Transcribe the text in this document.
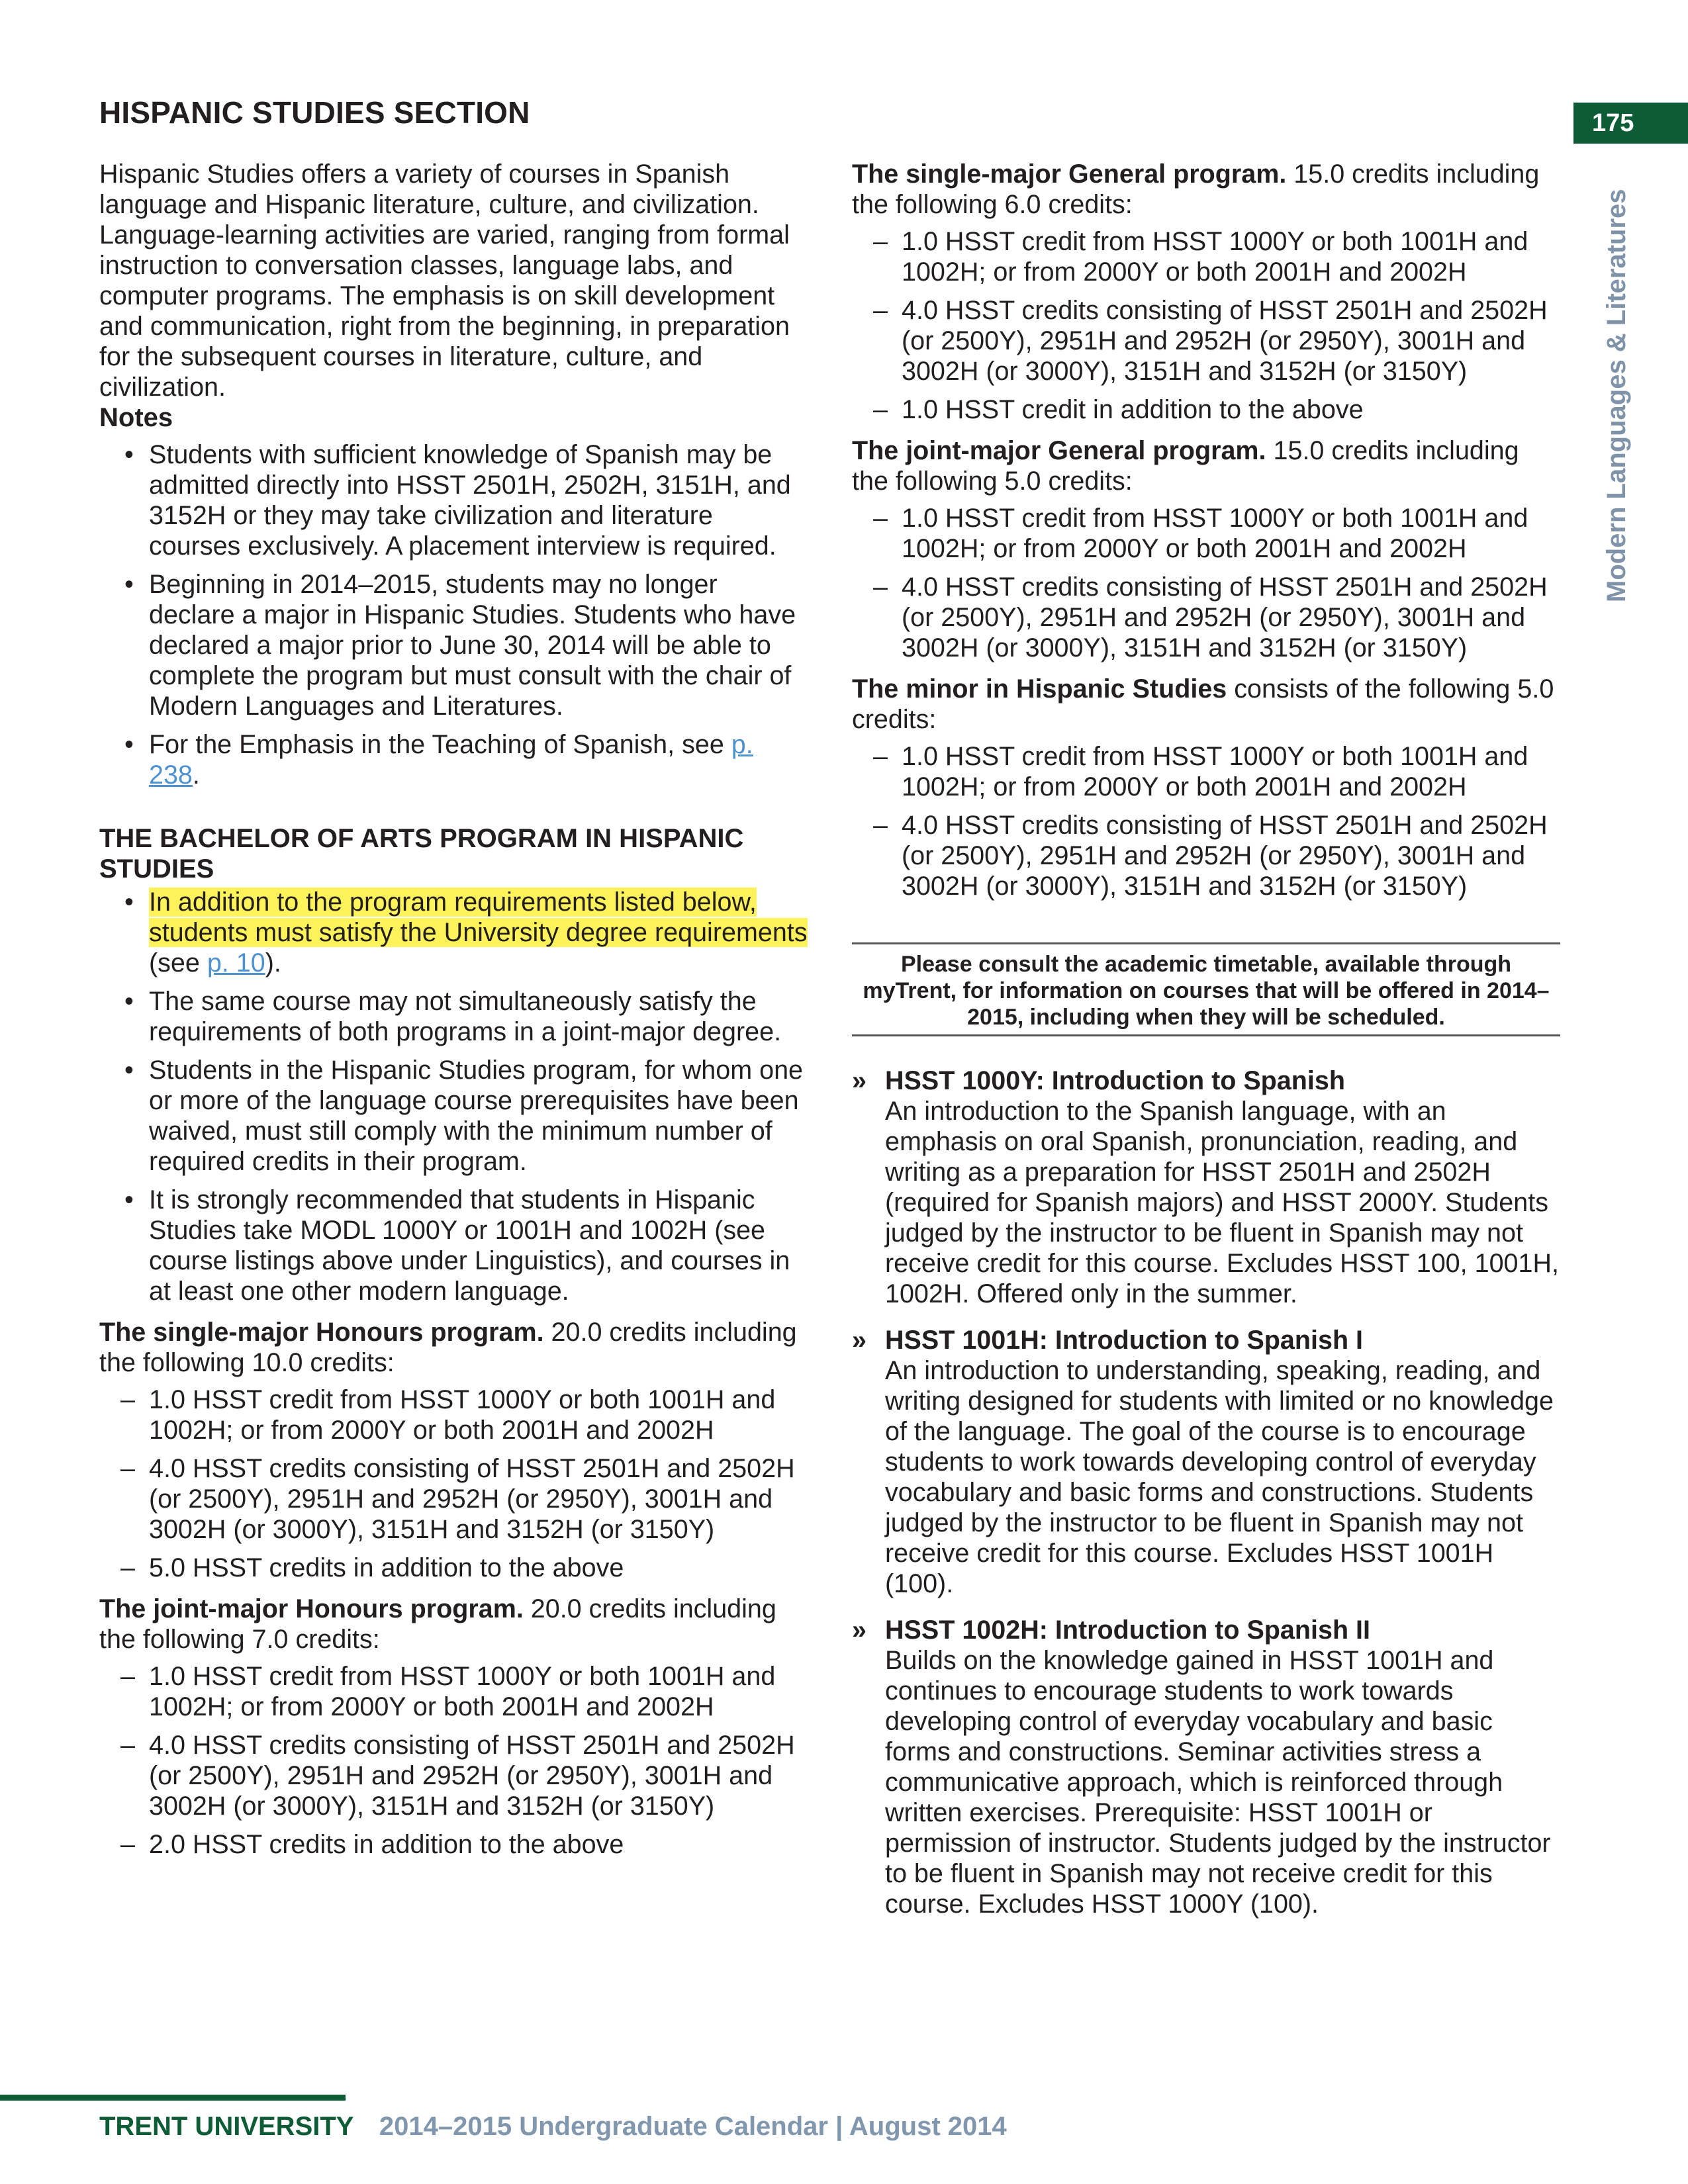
175
Modern Languages & Literatures
HISPANIC STUDIES SECTION

Hispanic Studies offers a variety of courses in Spanish language and Hispanic literature, culture, and civilization. Language-learning activities are varied, ranging from formal instruction to conversation classes, language labs, and computer programs. The emphasis is on skill development and communication, right from the beginning, in preparation for the subsequent courses in literature, culture, and civilization.

Notes

• Students with sufficient knowledge of Spanish may be admitted directly into HSST 2501H, 2502H, 3151H, and 3152H or they may take civilization and literature courses exclusively. A placement interview is required.
• Beginning in 2014–2015, students may no longer declare a major in Hispanic Studies. Students who have declared a major prior to June 30, 2014 will be able to complete the program but must consult with the chair of Modern Languages and Literatures.
• For the Emphasis in the Teaching of Spanish, see p. 238.

THE BACHELOR OF ARTS PROGRAM IN HISPANIC STUDIES

• In addition to the program requirements listed below, students must satisfy the University degree requirements (see p. 10).
• The same course may not simultaneously satisfy the requirements of both programs in a joint-major degree.
• Students in the Hispanic Studies program, for whom one or more of the language course prerequisites have been waived, must still comply with the minimum number of required credits in their program.
• It is strongly recommended that students in Hispanic Studies take MODL 1000Y or 1001H and 1002H (see course listings above under Linguistics), and courses in at least one other modern language.

The single-major Honours program. 20.0 credits including the following 10.0 credits:

– 1.0 HSST credit from HSST 1000Y or both 1001H and 1002H; or from 2000Y or both 2001H and 2002H
– 4.0 HSST credits consisting of HSST 2501H and 2502H (or 2500Y), 2951H and 2952H (or 2950Y), 3001H and 3002H (or 3000Y), 3151H and 3152H (or 3150Y)
– 5.0 HSST credits in addition to the above

The joint-major Honours program. 20.0 credits including the following 7.0 credits:

– 1.0 HSST credit from HSST 1000Y or both 1001H and 1002H; or from 2000Y or both 2001H and 2002H
– 4.0 HSST credits consisting of HSST 2501H and 2502H (or 2500Y), 2951H and 2952H (or 2950Y), 3001H and 3002H (or 3000Y), 3151H and 3152H (or 3150Y)
– 2.0 HSST credits in addition to the above

The single-major General program. 15.0 credits including the following 6.0 credits:

– 1.0 HSST credit from HSST 1000Y or both 1001H and 1002H; or from 2000Y or both 2001H and 2002H
– 4.0 HSST credits consisting of HSST 2501H and 2502H (or 2500Y), 2951H and 2952H (or 2950Y), 3001H and 3002H (or 3000Y), 3151H and 3152H (or 3150Y)
– 1.0 HSST credit in addition to the above

The joint-major General program. 15.0 credits including the following 5.0 credits:

– 1.0 HSST credit from HSST 1000Y or both 1001H and 1002H; or from 2000Y or both 2001H and 2002H
– 4.0 HSST credits consisting of HSST 2501H and 2502H (or 2500Y), 2951H and 2952H (or 2950Y), 3001H and 3002H (or 3000Y), 3151H and 3152H (or 3150Y)

The minor in Hispanic Studies consists of the following 5.0 credits:

– 1.0 HSST credit from HSST 1000Y or both 1001H and 1002H; or from 2000Y or both 2001H and 2002H
– 4.0 HSST credits consisting of HSST 2501H and 2502H (or 2500Y), 2951H and 2952H (or 2950Y), 3001H and 3002H (or 3000Y), 3151H and 3152H (or 3150Y)
Please consult the academic timetable, available through myTrent, for information on courses that will be offered in 2014–2015, including when they will be scheduled.
» HSST 1000Y: Introduction to Spanish
An introduction to the Spanish language, with an emphasis on oral Spanish, pronunciation, reading, and writing as a preparation for HSST 2501H and 2502H (required for Spanish majors) and HSST 2000Y. Students judged by the instructor to be fluent in Spanish may not receive credit for this course. Excludes HSST 100, 1001H, 1002H. Offered only in the summer.
» HSST 1001H: Introduction to Spanish I
An introduction to understanding, speaking, reading, and writing designed for students with limited or no knowledge of the language. The goal of the course is to encourage students to work towards developing control of everyday vocabulary and basic forms and constructions. Students judged by the instructor to be fluent in Spanish may not receive credit for this course. Excludes HSST 1001H (100).
» HSST 1002H: Introduction to Spanish II
Builds on the knowledge gained in HSST 1001H and continues to encourage students to work towards developing control of everyday vocabulary and basic forms and constructions. Seminar activities stress a communicative approach, which is reinforced through written exercises. Prerequisite: HSST 1001H or permission of instructor. Students judged by the instructor to be fluent in Spanish may not receive credit for this course. Excludes HSST 1000Y (100).
TRENT UNIVERSITY 2014–2015 Undergraduate Calendar | August 2014
